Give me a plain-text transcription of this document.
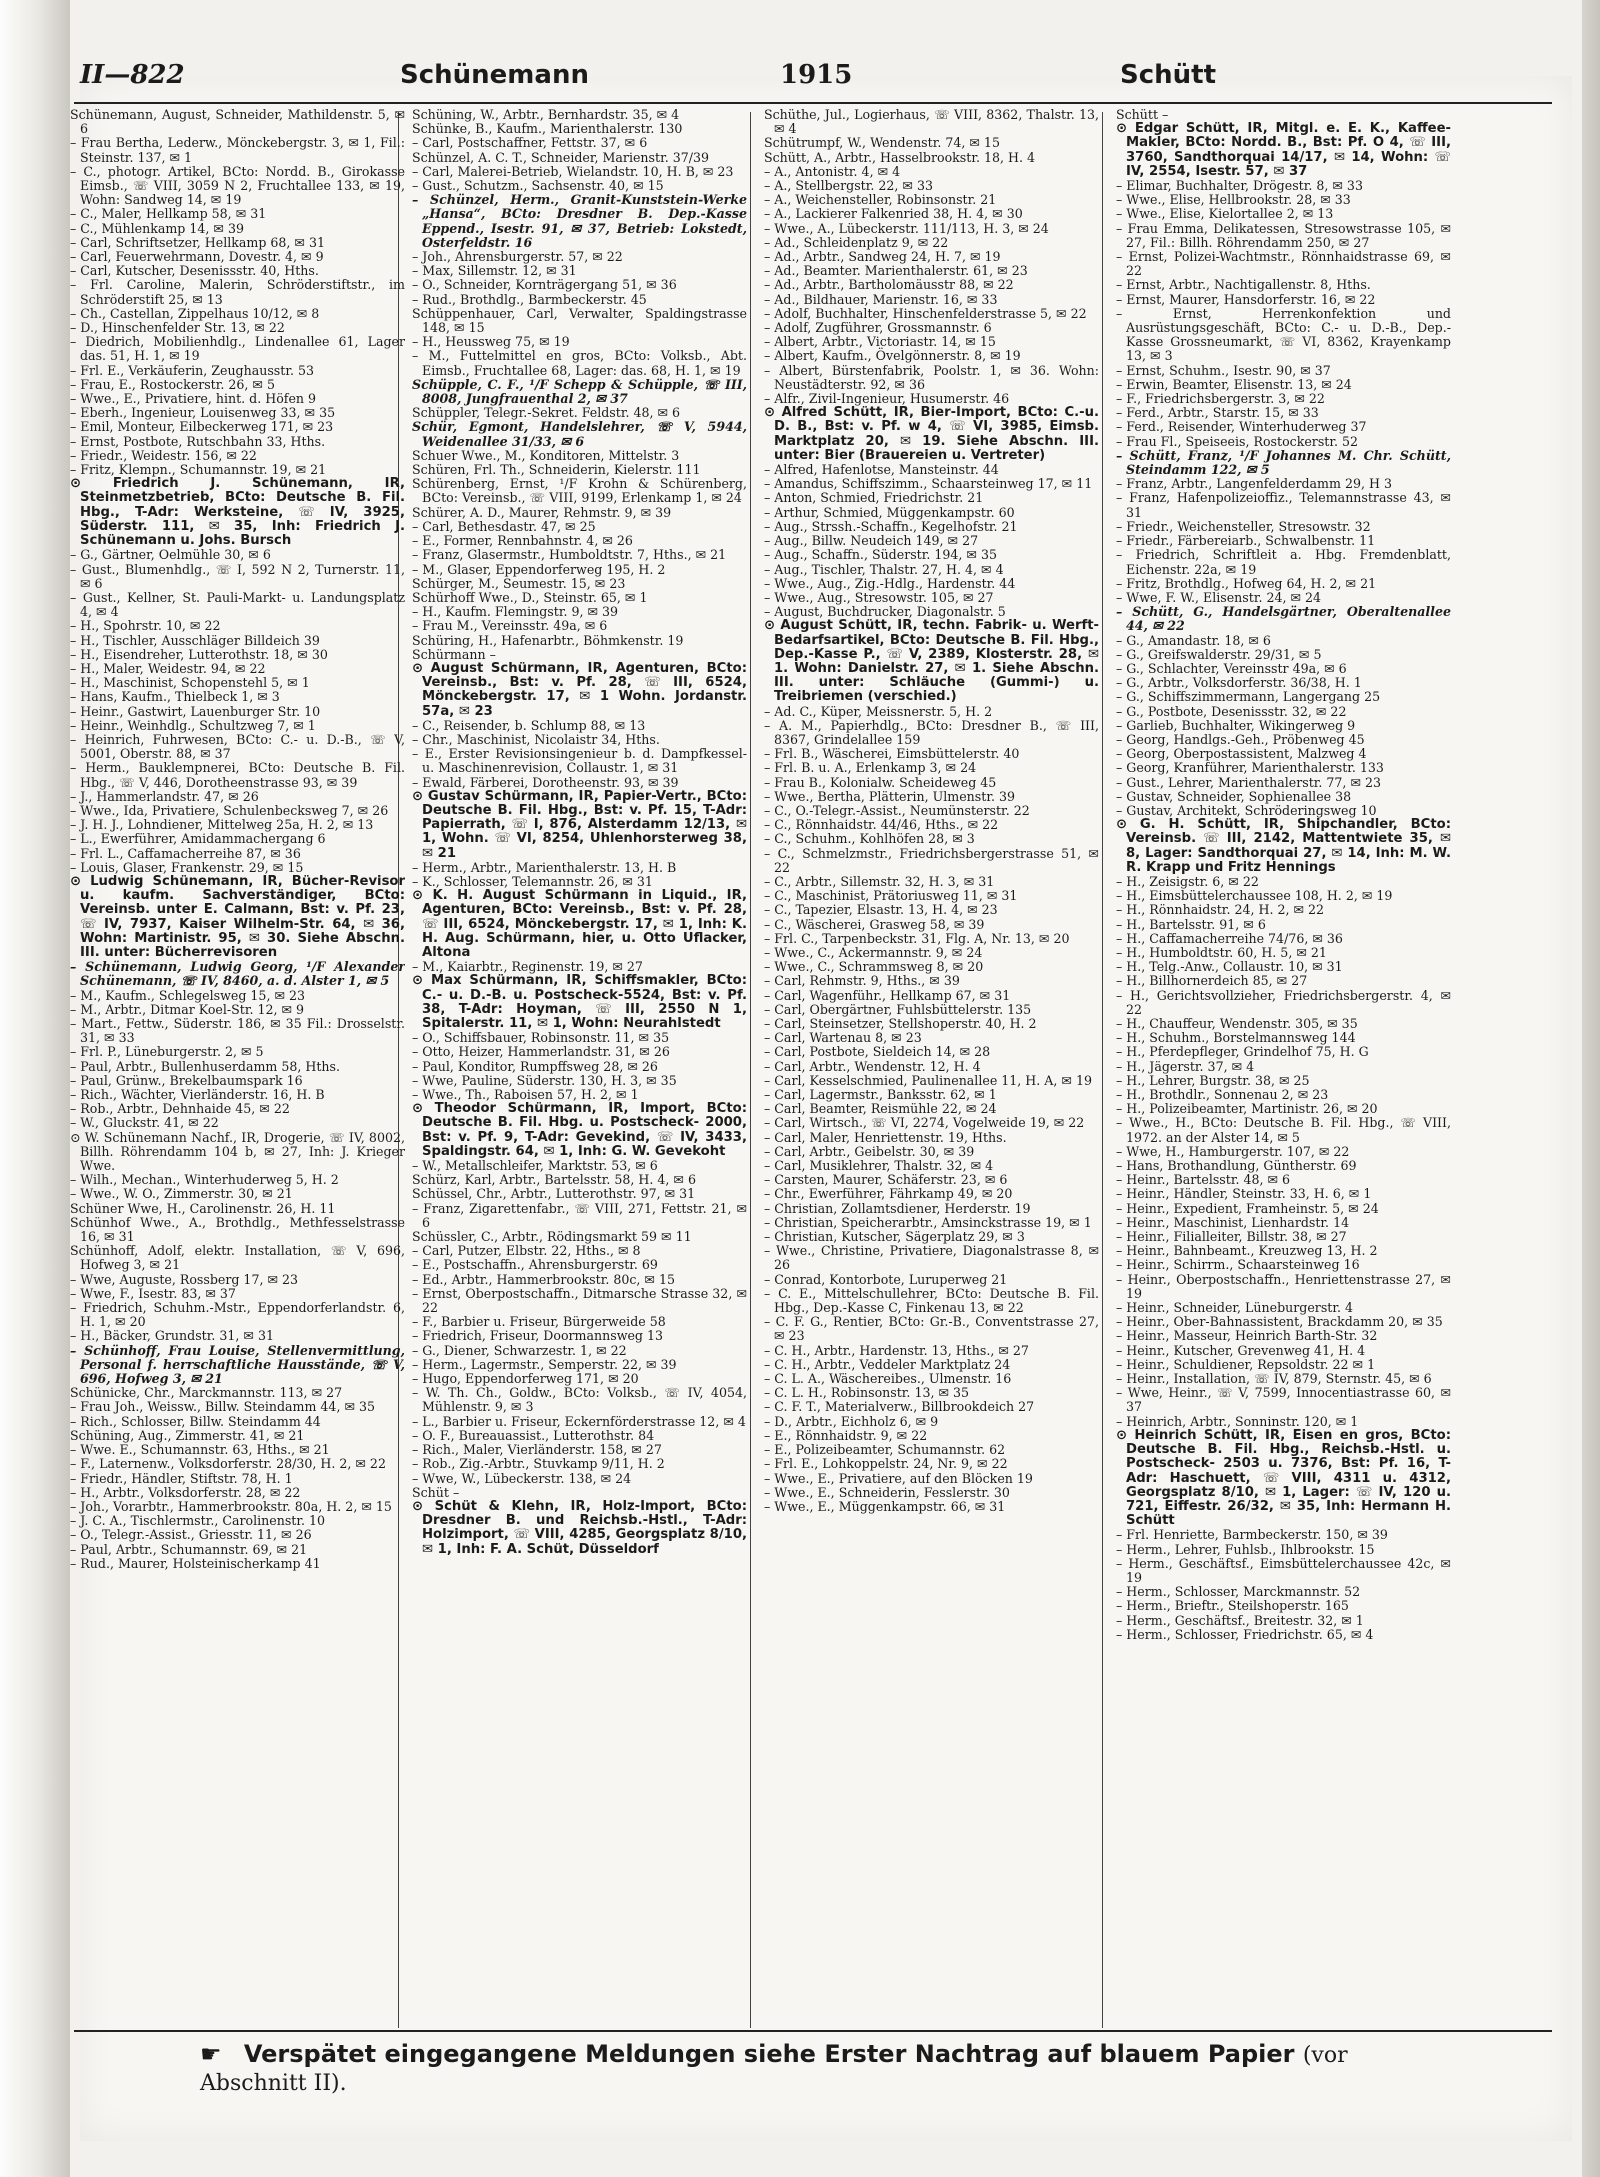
II—822	Schünemann	1915	Schütt

Schünemann, August, Schneider, Mathildenstr. 5, ✉ 6

– Frau Bertha, Lederw., Mönckebergstr. 3, ✉ 1, Fil.: Steinstr. 137, ✉ 1

– C., photogr. Artikel, BCto: Nordd. B., Girokasse Eimsb., ☏ VIII, 3059 N 2, Fruchtallee 133, ✉ 19, Wohn: Sandweg 14, ✉ 19

– C., Maler, Hellkamp 58, ✉ 31

– C., Mühlenkamp 14, ✉ 39

– Carl, Schriftsetzer, Hellkamp 68, ✉ 31

– Carl, Feuerwehrmann, Dovestr. 4, ✉ 9

– Carl, Kutscher, Desenissstr. 40, Hths.

– Frl. Caroline, Malerin, Schröderstiftstr., im Schröderstift 25, ✉ 13

– Ch., Castellan, Zippelhaus 10/12, ✉ 8

– D., Hinschenfelder Str. 13, ✉ 22

– Diedrich, Mobilienhdlg., Lindenallee 61, Lager das. 51, H. 1, ✉ 19

– Frl. E., Verkäuferin, Zeughausstr. 53

– Frau, E., Rostockerstr. 26, ✉ 5

– Wwe., E., Privatiere, hint. d. Höfen 9

– Eberh., Ingenieur, Louisenweg 33, ✉ 35

– Emil, Monteur, Eilbeckerweg 171, ✉ 23

– Ernst, Postbote, Rutschbahn 33, Hths.

– Friedr., Weidestr. 156, ✉ 22

– Fritz, Klempn., Schumannstr. 19, ✉ 21

⊙ Friedrich J. Schünemann, IR, Steinmetzbetrieb, BCto: Deutsche B. Fil. Hbg., T-Adr: Werksteine, ☏ IV, 3925, Süderstr. 111, ✉ 35, Inh: Friedrich J. Schünemann u. Johs. Bursch

– G., Gärtner, Oelmühle 30, ✉ 6

– Gust., Blumenhdlg., ☏ I, 592 N 2, Turnerstr. 11, ✉ 6

– Gust., Kellner, St. Pauli-Markt- u. Landungsplatz 4, ✉ 4

– H., Spohrstr. 10, ✉ 22

– H., Tischler, Ausschläger Billdeich 39

– H., Eisendreher, Lutterothstr. 18, ✉ 30

– H., Maler, Weidestr. 94, ✉ 22

– H., Maschinist, Schopenstehl 5, ✉ 1

– Hans, Kaufm., Thielbeck 1, ✉ 3

– Heinr., Gastwirt, Lauenburger Str. 10

– Heinr., Weinhdlg., Schultzweg 7, ✉ 1

– Heinrich, Fuhrwesen, BCto: C.- u. D.-B., ☏ V, 5001, Oberstr. 88, ✉ 37

– Herm., Bauklempnerei, BCto: Deutsche B. Fil. Hbg., ☏ V, 446, Dorotheenstrasse 93, ✉ 39

– J., Hammerlandstr. 47, ✉ 26

– Wwe., Ida, Privatiere, Schulenbecksweg 7, ✉ 26

– J. H. J., Lohndiener, Mittelweg 25a, H. 2, ✉ 13

– L., Ewerführer, Amidammachergang 6

– Frl. L., Caffamacherreihe 87, ✉ 36

– Louis, Glaser, Frankenstr. 29, ✉ 15

⊙ Ludwig Schünemann, IR, Bücher-Revisor u. kaufm. Sachverständiger, BCto: Vereinsb. unter E. Calmann, Bst: v. Pf. 23, ☏ IV, 7937, Kaiser Wilhelm-Str. 64, ✉ 36, Wohn: Martinistr. 95, ✉ 30. Siehe Abschn. III. unter: Bücherrevisoren

– Schünemann, Ludwig Georg, ¹/F Alexander Schünemann, ☏ IV, 8460, a. d. Alster 1, ✉ 5

– M., Kaufm., Schlegelsweg 15, ✉ 23

– M., Arbtr., Ditmar Koel-Str. 12, ✉ 9

– Mart., Fettw., Süderstr. 186, ✉ 35 Fil.: Drosselstr. 31, ✉ 33

– Frl. P., Lüneburgerstr. 2, ✉ 5

– Paul, Arbtr., Bullenhuserdamm 58, Hths.

– Paul, Grünw., Brekelbaumspark 16

– Rich., Wächter, Vierländerstr. 16, H. B

– Rob., Arbtr., Dehnhaide 45, ✉ 22

– W., Gluckstr. 41, ✉ 22

⊙ W. Schünemann Nachf., IR, Drogerie, ☏ IV, 8002, Billh. Röhrendamm 104 b, ✉ 27, Inh: J. Krieger Wwe.

– Wilh., Mechan., Winterhuderweg 5, H. 2

– Wwe., W. O., Zimmerstr. 30, ✉ 21

Schüner Wwe, H., Carolinenstr. 26, H. 11

Schünhof Wwe., A., Brothdlg., Methfesselstrasse 16, ✉ 31

Schünhoff, Adolf, elektr. Installation, ☏ V, 696, Hofweg 3, ✉ 21

– Wwe, Auguste, Rossberg 17, ✉ 23

– Wwe, F., Isestr. 83, ✉ 37

– Friedrich, Schuhm.-Mstr., Eppendorferlandstr. 6, H. 1, ✉ 20

– H., Bäcker, Grundstr. 31, ✉ 31

– Schünhoff, Frau Louise, Stellenvermittlung, Personal f. herrschaftliche Hausstände, ☏ V, 696, Hofweg 3, ✉ 21

Schünicke, Chr., Marckmannstr. 113, ✉ 27

– Frau Joh., Weissw., Billw. Steindamm 44, ✉ 35

– Rich., Schlosser, Billw. Steindamm 44

Schüning, Aug., Zimmerstr. 41, ✉ 21

– Wwe. E., Schumannstr. 63, Hths., ✉ 21

– F., Laternenw., Volksdorferstr. 28/30, H. 2, ✉ 22

– Friedr., Händler, Stiftstr. 78, H. 1

– H., Arbtr., Volksdorferstr. 28, ✉ 22

– Joh., Vorarbtr., Hammerbrookstr. 80a, H. 2, ✉ 15

– J. C. A., Tischlermstr., Carolinenstr. 10

– O., Telegr.-Assist., Griesstr. 11, ✉ 26

– Paul, Arbtr., Schumannstr. 69, ✉ 21

– Rud., Maurer, Holsteinischerkamp 41

Schüning, W., Arbtr., Bernhardstr. 35, ✉ 4

Schünke, B., Kaufm., Marienthalerstr. 130

– Carl, Postschaffner, Fettstr. 37, ✉ 6

Schünzel, A. C. T., Schneider, Marienstr. 37/39

– Carl, Malerei-Betrieb, Wielandstr. 10, H. B, ✉ 23

– Gust., Schutzm., Sachsenstr. 40, ✉ 15

– Schünzel, Herm., Granit-Kunststein-Werke „Hansa“, BCto: Dresdner B. Dep.-Kasse Eppend., Isestr. 91, ✉ 37, Betrieb: Lokstedt, Osterfeldstr. 16

– Joh., Ahrensburgerstr. 57, ✉ 22

– Max, Sillemstr. 12, ✉ 31

– O., Schneider, Kornträgergang 51, ✉ 36

– Rud., Brothdlg., Barmbeckerstr. 45

Schüppenhauer, Carl, Verwalter, Spaldingstrasse 148, ✉ 15

– H., Heussweg 75, ✉ 19

– M., Futtelmittel en gros, BCto: Volksb., Abt. Eimsb., Fruchtallee 68, Lager: das. 68, H. 1, ✉ 19

Schüpple, C. F., ¹/F Schepp & Schüpple, ☏ III, 8008, Jungfrauenthal 2, ✉ 37

Schüppler, Telegr.-Sekret. Feldstr. 48, ✉ 6

Schür, Egmont, Handelslehrer, ☏ V, 5944, Weidenallee 31/33, ✉ 6

Schuer Wwe., M., Konditoren, Mittelstr. 3

Schüren, Frl. Th., Schneiderin, Kielerstr. 111

Schürenberg, Ernst, ¹/F Krohn & Schürenberg, BCto: Vereinsb., ☏ VIII, 9199, Erlenkamp 1, ✉ 24

Schürer, A. D., Maurer, Rehmstr. 9, ✉ 39

– Carl, Bethesdastr. 47, ✉ 25

– E., Former, Rennbahnstr. 4, ✉ 26

– Franz, Glasermstr., Humboldtstr. 7, Hths., ✉ 21

– M., Glaser, Eppendorferweg 195, H. 2

Schürger, M., Seumestr. 15, ✉ 23

Schürhoff Wwe., D., Steinstr. 65, ✉ 1

– H., Kaufm. Flemingstr. 9, ✉ 39

– Frau M., Vereinsstr. 49a, ✉ 6

Schüring, H., Hafenarbtr., Böhmkenstr. 19

Schürmann –

⊙ August Schürmann, IR, Agenturen, BCto: Vereinsb., Bst: v. Pf. 28, ☏ III, 6524, Mönckebergstr. 17, ✉ 1 Wohn. Jordanstr. 57a, ✉ 23

– C., Reisender, b. Schlump 88, ✉ 13

– Chr., Maschinist, Nicolaistr 34, Hths.

– E., Erster Revisionsingenieur b. d. Dampfkessel- u. Maschinenrevision, Collaustr. 1, ✉ 31

– Ewald, Färberei, Dorotheenstr. 93, ✉ 39

⊙ Gustav Schürmann, IR, Papier-Vertr., BCto: Deutsche B. Fil. Hbg., Bst: v. Pf. 15, T-Adr: Papierrath, ☏ I, 876, Alsterdamm 12/13, ✉ 1, Wohn. ☏ VI, 8254, Uhlenhorsterweg 38, ✉ 21

– Herm., Arbtr., Marienthalerstr. 13, H. B

– K., Schlosser, Telemannstr. 26, ✉ 31

⊙ K. H. August Schürmann in Liquid., IR, Agenturen, BCto: Vereinsb., Bst: v. Pf. 28, ☏ III, 6524, Mönckebergstr. 17, ✉ 1, Inh: K. H. Aug. Schürmann, hier, u. Otto Uflacker, Altona

– M., Kaiarbtr., Reginenstr. 19, ✉ 27

⊙ Max Schürmann, IR, Schiffsmakler, BCto: C.- u. D.-B. u. Postscheck-5524, Bst: v. Pf. 38, T-Adr: Hoyman, ☏ III, 2550 N 1, Spitalerstr. 11, ✉ 1, Wohn: Neurahlstedt

– O., Schiffsbauer, Robinsonstr. 11, ✉ 35

– Otto, Heizer, Hammerlandstr. 31, ✉ 26

– Paul, Konditor, Rumpffsweg 28, ✉ 26

– Wwe, Pauline, Süderstr. 130, H. 3, ✉ 35

– Wwe., Th., Raboisen 57, H. 2, ✉ 1

⊙ Theodor Schürmann, IR, Import, BCto: Deutsche B. Fil. Hbg. u. Postscheck- 2000, Bst: v. Pf. 9, T-Adr: Gevekind, ☏ IV, 3433, Spaldingstr. 64, ✉ 1, Inh: G. W. Gevekoht

– W., Metallschleifer, Marktstr. 53, ✉ 6

Schürz, Karl, Arbtr., Bartelsstr. 58, H. 4, ✉ 6

Schüssel, Chr., Arbtr., Lutterothstr. 97, ✉ 31

– Franz, Zigarettenfabr., ☏ VIII, 271, Fettstr. 21, ✉ 6

Schüssler, C., Arbtr., Rödingsmarkt 59 ✉ 11

– Carl, Putzer, Elbstr. 22, Hths., ✉ 8

– E., Postschaffn., Ahrensburgerstr. 69

– Ed., Arbtr., Hammerbrookstr. 80c, ✉ 15

– Ernst, Oberpostschaffn., Ditmarsche Strasse 32, ✉ 22

– F., Barbier u. Friseur, Bürgerweide 58

– Friedrich, Friseur, Doormannsweg 13

– G., Diener, Schwarzestr. 1, ✉ 22

– Herm., Lagermstr., Semperstr. 22, ✉ 39

– Hugo, Eppendorferweg 171, ✉ 20

– W. Th. Ch., Goldw., BCto: Volksb., ☏ IV, 4054, Mühlenstr. 9, ✉ 3

– L., Barbier u. Friseur, Eckernförderstrasse 12, ✉ 4

– O. F., Bureauassist., Lutterothstr. 84

– Rich., Maler, Vierländerstr. 158, ✉ 27

– Rob., Zig.-Arbtr., Stuvkamp 9/11, H. 2

– Wwe, W., Lübeckerstr. 138, ✉ 24

Schüt –

⊙ Schüt & Klehn, IR, Holz-Import, BCto: Dresdner B. und Reichsb.-Hstl., T-Adr: Holzimport, ☏ VIII, 4285, Georgsplatz 8/10, ✉ 1, Inh: F. A. Schüt, Düsseldorf

Schüthe, Jul., Logierhaus, ☏ VIII, 8362, Thalstr. 13, ✉ 4

Schütrumpf, W., Wendenstr. 74, ✉ 15

Schütt, A., Arbtr., Hasselbrookstr. 18, H. 4

– A., Antonistr. 4, ✉ 4

– A., Stellbergstr. 22, ✉ 33

– A., Weichensteller, Robinsonstr. 21

– A., Lackierer Falkenried 38, H. 4, ✉ 30

– Wwe., A., Lübeckerstr. 111/113, H. 3, ✉ 24

– Ad., Schleidenplatz 9, ✉ 22

– Ad., Arbtr., Sandweg 24, H. 7, ✉ 19

– Ad., Beamter. Marienthalerstr. 61, ✉ 23

– Ad., Arbtr., Bartholomäusstr 88, ✉ 22

– Ad., Bildhauer, Marienstr. 16, ✉ 33

– Adolf, Buchhalter, Hinschenfelderstrasse 5, ✉ 22

– Adolf, Zugführer, Grossmannstr. 6

– Albert, Arbtr., Victoriastr. 14, ✉ 15

– Albert, Kaufm., Övelgönnerstr. 8, ✉ 19

– Albert, Bürstenfabrik, Poolstr. 1, ✉ 36. Wohn: Neustädterstr. 92, ✉ 36

– Alfr., Zivil-Ingenieur, Husumerstr. 46

⊙ Alfred Schütt, IR, Bier-Import, BCto: C.-u. D. B., Bst: v. Pf. w 4, ☏ VI, 3985, Eimsb. Marktplatz 20, ✉ 19. Siehe Abschn. III. unter: Bier (Brauereien u. Vertreter)

– Alfred, Hafenlotse, Mansteinstr. 44

– Amandus, Schiffszimm., Schaarsteinweg 17, ✉ 11

– Anton, Schmied, Friedrichstr. 21

– Arthur, Schmied, Müggenkampstr. 60

– Aug., Strssh.-Schaffn., Kegelhofstr. 21

– Aug., Billw. Neudeich 149, ✉ 27

– Aug., Schaffn., Süderstr. 194, ✉ 35

– Aug., Tischler, Thalstr. 27, H. 4, ✉ 4

– Wwe., Aug., Zig.-Hdlg., Hardenstr. 44

– Wwe., Aug., Stresowstr. 105, ✉ 27

– August, Buchdrucker, Diagonalstr. 5

⊙ August Schütt, IR, techn. Fabrik- u. Werft-Bedarfsartikel, BCto: Deutsche B. Fil. Hbg., Dep.-Kasse P., ☏ V, 2389, Klosterstr. 28, ✉ 1. Wohn: Danielstr. 27, ✉ 1. Siehe Abschn. III. unter: Schläuche (Gummi-) u. Treibriemen (verschied.)

– Ad. C., Küper, Meissnerstr. 5, H. 2

– A. M., Papierhdlg., BCto: Dresdner B., ☏ III, 8367, Grindelallee 159

– Frl. B., Wäscherei, Eimsbüttelerstr. 40

– Frl. B. u. A., Erlenkamp 3, ✉ 24

– Frau B., Kolonialw. Scheideweg 45

– Wwe., Bertha, Plätterin, Ulmenstr. 39

– C., O.-Telegr.-Assist., Neumünsterstr. 22

– C., Rönnhaidstr. 44/46, Hths., ✉ 22

– C., Schuhm., Kohlhöfen 28, ✉ 3

– C., Schmelzmstr., Friedrichsbergerstrasse 51, ✉ 22

– C., Arbtr., Sillemstr. 32, H. 3, ✉ 31

– C., Maschinist, Prätoriusweg 11, ✉ 31

– C., Tapezier, Elsastr. 13, H. 4, ✉ 23

– C., Wäscherei, Grasweg 58, ✉ 39

– Frl. C., Tarpenbeckstr. 31, Flg. A, Nr. 13, ✉ 20

– Wwe., C., Ackermannstr. 9, ✉ 24

– Wwe., C., Schrammsweg 8, ✉ 20

– Carl, Rehmstr. 9, Hths., ✉ 39

– Carl, Wagenführ., Hellkamp 67, ✉ 31

– Carl, Obergärtner, Fuhlsbüttelerstr. 135

– Carl, Steinsetzer, Stellshoperstr. 40, H. 2

– Carl, Wartenau 8, ✉ 23

– Carl, Postbote, Sieldeich 14, ✉ 28

– Carl, Arbtr., Wendenstr. 12, H. 4

– Carl, Kesselschmied, Paulinenallee 11, H. A, ✉ 19

– Carl, Lagermstr., Banksstr. 62, ✉ 1

– Carl, Beamter, Reismühle 22, ✉ 24

– Carl, Wirtsch., ☏ VI, 2274, Vogelweide 19, ✉ 22

– Carl, Maler, Henriettenstr. 19, Hths.

– Carl, Arbtr., Geibelstr. 30, ✉ 39

– Carl, Musiklehrer, Thalstr. 32, ✉ 4

– Carsten, Maurer, Schäferstr. 23, ✉ 6

– Chr., Ewerführer, Fährkamp 49, ✉ 20

– Christian, Zollamtsdiener, Herderstr. 19

– Christian, Speicherarbtr., Amsinckstrasse 19, ✉ 1

– Christian, Kutscher, Sägerplatz 29, ✉ 3

– Wwe., Christine, Privatiere, Diagonalstrasse 8, ✉ 26

– Conrad, Kontorbote, Luruperweg 21

– C. E., Mittelschullehrer, BCto: Deutsche B. Fil. Hbg., Dep.-Kasse C, Finkenau 13, ✉ 22

– C. F. G., Rentier, BCto: Gr.-B., Conventstrasse 27, ✉ 23

– C. H., Arbtr., Hardenstr. 13, Hths., ✉ 27

– C. H., Arbtr., Veddeler Marktplatz 24

– C. L. A., Wäschereibes., Ulmenstr. 16

– C. L. H., Robinsonstr. 13, ✉ 35

– C. F. T., Materialverw., Billbrookdeich 27

– D., Arbtr., Eichholz 6, ✉ 9

– E., Rönnhaidstr. 9, ✉ 22

– E., Polizeibeamter, Schumannstr. 62

– Frl. E., Lohkoppelstr. 24, Nr. 9, ✉ 22

– Wwe., E., Privatiere, auf den Blöcken 19

– Wwe., E., Schneiderin, Fesslerstr. 30

– Wwe., E., Müggenkampstr. 66, ✉ 31

Schütt –

⊙ Edgar Schütt, IR, Mitgl. e. E. K., Kaffee-Makler, BCto: Nordd. B., Bst: Pf. O 4, ☏ III, 3760, Sandthorquai 14/17, ✉ 14, Wohn: ☏ IV, 2554, Isestr. 57, ✉ 37

– Elimar, Buchhalter, Drögestr. 8, ✉ 33

– Wwe., Elise, Hellbrookstr. 28, ✉ 33

– Wwe., Elise, Kielortallee 2, ✉ 13

– Frau Emma, Delikatessen, Stresowstrasse 105, ✉ 27, Fil.: Billh. Röhrendamm 250, ✉ 27

– Ernst, Polizei-Wachtmstr., Rönnhaidstrasse 69, ✉ 22

– Ernst, Arbtr., Nachtigallenstr. 8, Hths.

– Ernst, Maurer, Hansdorferstr. 16, ✉ 22

– Ernst, Herrenkonfektion und Ausrüstungsgeschäft, BCto: C.- u. D.-B., Dep.-Kasse Grossneumarkt, ☏ VI, 8362, Krayenkamp 13, ✉ 3

– Ernst, Schuhm., Isestr. 90, ✉ 37

– Erwin, Beamter, Elisenstr. 13, ✉ 24

– F., Friedrichsbergerstr. 3, ✉ 22

– Ferd., Arbtr., Starstr. 15, ✉ 33

– Ferd., Reisender, Winterhuderweg 37

– Frau Fl., Speiseeis, Rostockerstr. 52

– Schütt, Franz, ¹/F Johannes M. Chr. Schütt, Steindamm 122, ✉ 5

– Franz, Arbtr., Langenfelderdamm 29, H 3

– Franz, Hafenpolizeioffiz., Telemannstrasse 43, ✉ 31

– Friedr., Weichensteller, Stresowstr. 32

– Friedr., Färbereiarb., Schwalbenstr. 11

– Friedrich, Schriftleit a. Hbg. Fremdenblatt, Eichenstr. 22a, ✉ 19

– Fritz, Brothdlg., Hofweg 64, H. 2, ✉ 21

– Wwe, F. W., Elisenstr. 24, ✉ 24

– Schütt, G., Handelsgärtner, Oberaltenallee 44, ✉ 22

– G., Amandastr. 18, ✉ 6

– G., Greifswalderstr. 29/31, ✉ 5

– G., Schlachter, Vereinsstr 49a, ✉ 6

– G., Arbtr., Volksdorferstr. 36/38, H. 1

– G., Schiffszimmermann, Langergang 25

– G., Postbote, Desenissstr. 32, ✉ 22

– Garlieb, Buchhalter, Wikingerweg 9

– Georg, Handlgs.-Geh., Pröbenweg 45

– Georg, Oberpostassistent, Malzweg 4

– Georg, Kranführer, Marienthalerstr. 133

– Gust., Lehrer, Marienthalerstr. 77, ✉ 23

– Gustav, Schneider, Sophienallee 38

– Gustav, Architekt, Schröderingsweg 10

⊙ G. H. Schütt, IR, Shipchandler, BCto: Vereinsb. ☏ III, 2142, Mattentwiete 35, ✉ 8, Lager: Sandthorquai 27, ✉ 14, Inh: M. W. R. Krapp und Fritz Hennings

– H., Zeisigstr. 6, ✉ 22

– H., Eimsbüttelerchaussee 108, H. 2, ✉ 19

– H., Rönnhaidstr. 24, H. 2, ✉ 22

– H., Bartelsstr. 91, ✉ 6

– H., Caffamacherreihe 74/76, ✉ 36

– H., Humboldtstr. 60, H. 5, ✉ 21

– H., Telg.-Anw., Collaustr. 10, ✉ 31

– H., Billhornerdeich 85, ✉ 27

– H., Gerichtsvollzieher, Friedrichsbergerstr. 4, ✉ 22

– H., Chauffeur, Wendenstr. 305, ✉ 35

– H., Schuhm., Borstelmannsweg 144

– H., Pferdepfleger, Grindelhof 75, H. G

– H., Jägerstr. 37, ✉ 4

– H., Lehrer, Burgstr. 38, ✉ 25

– H., Brothdlr., Sonnenau 2, ✉ 23

– H., Polizeibeamter, Martinistr. 26, ✉ 20

– Wwe., H., BCto: Deutsche B. Fil. Hbg., ☏ VIII, 1972. an der Alster 14, ✉ 5

– Wwe, H., Hamburgerstr. 107, ✉ 22

– Hans, Brothandlung, Güntherstr. 69

– Heinr., Bartelsstr. 48, ✉ 6

– Heinr., Händler, Steinstr. 33, H. 6, ✉ 1

– Heinr., Expedient, Framheinstr. 5, ✉ 24

– Heinr., Maschinist, Lienhardstr. 14

– Heinr., Filialleiter, Billstr. 38, ✉ 27

– Heinr., Bahnbeamt., Kreuzweg 13, H. 2

– Heinr., Schirrm., Schaarsteinweg 16

– Heinr., Oberpostschaffn., Henriettenstrasse 27, ✉ 19

– Heinr., Schneider, Lüneburgerstr. 4

– Heinr., Ober-Bahnassistent, Brackdamm 20, ✉ 35

– Heinr., Masseur, Heinrich Barth-Str. 32

– Heinr., Kutscher, Grevenweg 41, H. 4

– Heinr., Schuldiener, Repsoldstr. 22 ✉ 1

– Heinr., Installation, ☏ IV, 879, Sternstr. 45, ✉ 6

– Wwe, Heinr., ☏ V, 7599, Innocentiastrasse 60, ✉ 37

– Heinrich, Arbtr., Sonninstr. 120, ✉ 1

⊙ Heinrich Schütt, IR, Eisen en gros, BCto: Deutsche B. Fil. Hbg., Reichsb.-Hstl. u. Postscheck- 2503 u. 7376, Bst: Pf. 16, T-Adr: Haschuett, ☏ VIII, 4311 u. 4312, Georgsplatz 8/10, ✉ 1, Lager: ☏ IV, 120 u. 721, Eiffestr. 26/32, ✉ 35, Inh: Hermann H. Schütt

– Frl. Henriette, Barmbeckerstr. 150, ✉ 39

– Herm., Lehrer, Fuhlsb., Ihlbrookstr. 15

– Herm., Geschäftsf., Eimsbüttelerchaussee 42c, ✉ 19

– Herm., Schlosser, Marckmannstr. 52

– Herm., Brieftr., Steilshoperstr. 165

– Herm., Geschäftsf., Breitestr. 32, ✉ 1

– Herm., Schlosser, Friedrichstr. 65, ✉ 4

☛ Verspätet eingegangene Meldungen siehe Erster Nachtrag auf blauem Papier (vor Abschnitt II).
